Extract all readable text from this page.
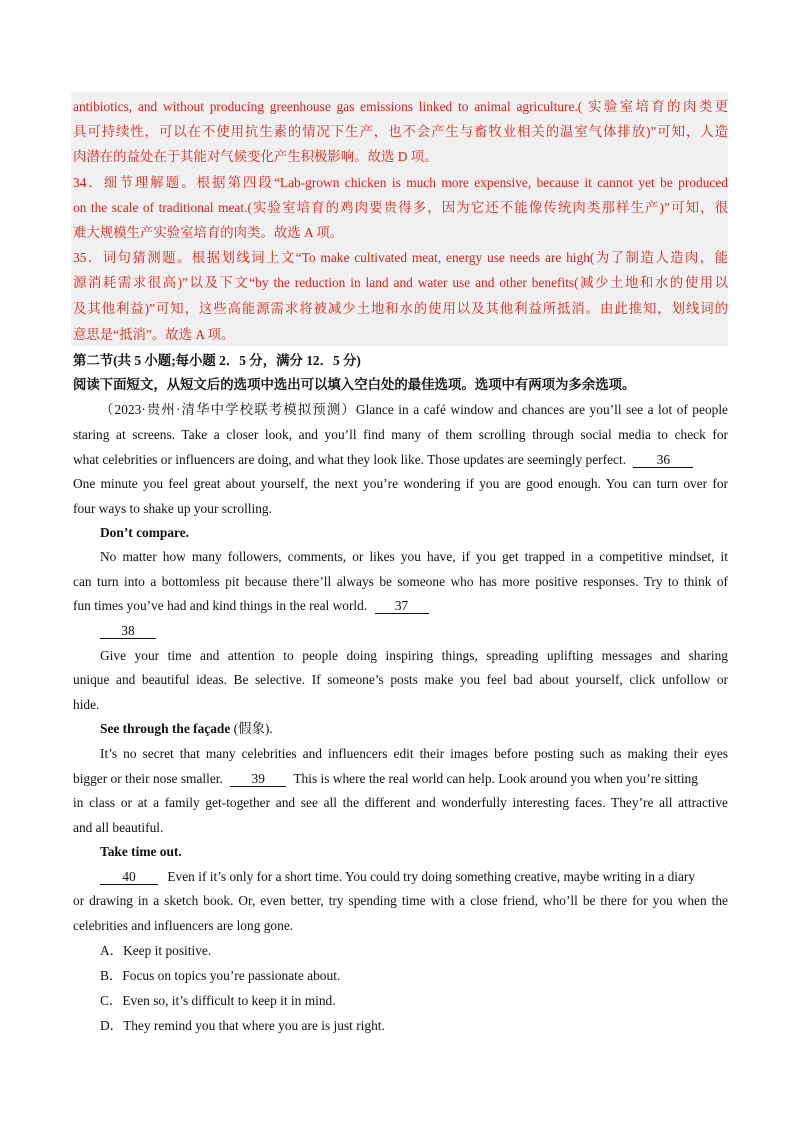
antibiotics, and without producing greenhouse gas emissions linked to animal agriculture.( 实验室培育的肉类更
具可持续性，可以在不使用抗生素的情况下生产，也不会产生与畜牧业相关的温室气体排放)”可知，人造
肉潜在的益处在于其能对气候变化产生积极影响。故选 D 项。
34．细节理解题。根据第四段“Lab-grown chicken is much more expensive, because it cannot yet be produced
on the scale of traditional meat.(实验室培育的鸡肉要贵得多，因为它还不能像传统肉类那样生产)”可知，很
难大规模生产实验室培育的肉类。故选 A 项。
35．词句猜测题。根据划线词上文“To make cultivated meat, energy use needs are high(为了制造人造肉，能
源消耗需求很高)”以及下文“by the reduction in land and water use and other benefits(减少土地和水的使用以
及其他利益)”可知，这些高能源需求将被减少土地和水的使用以及其他利益所抵消。由此推知，划线词的
意思是“抵消”。故选 A 项。
第二节(共 5 小题;每小题 2．5 分，满分 12．5 分)
阅读下面短文，从短文后的选项中选出可以填入空白处的最佳选项。选项中有两项为多余选项。
（2023·贵州·清华中学校联考模拟预测）Glance in a café window and chances are you’ll see a lot of people
staring at screens. Take a closer look, and you’ll find many of them scrolling through social media to check for
what celebrities or influencers are doing, and what they look like. Those updates are seemingly perfect. 36
One minute you feel great about yourself, the next you’re wondering if you are good enough. You can turn over for
four ways to shake up your scrolling.
Don’t compare.
No matter how many followers, comments, or likes you have, if you get trapped in a competitive mindset, it
can turn into a bottomless pit because there’ll always be someone who has more positive responses. Try to think of
fun times you’ve had and kind things in the real world. 37
38
Give your time and attention to people doing inspiring things, spreading uplifting messages and sharing
unique and beautiful ideas. Be selective. If someone’s posts make you feel bad about yourself, click unfollow or
hide.
See through the façade (假象).
It’s no secret that many celebrities and influencers edit their images before posting such as making their eyes
bigger or their nose smaller. 39 This is where the real world can help. Look around you when you’re sitting
in class or at a family get-together and see all the different and wonderfully interesting faces. They’re all attractive
and all beautiful.
Take time out.
40 Even if it’s only for a short time. You could try doing something creative, maybe writing in a diary
or drawing in a sketch book. Or, even better, try spending time with a close friend, who’ll be there for you when the
celebrities and influencers are long gone.
A．Keep it positive.
B．Focus on topics you’re passionate about.
C．Even so, it’s difficult to keep it in mind.
D．They remind you that where you are is just right.
